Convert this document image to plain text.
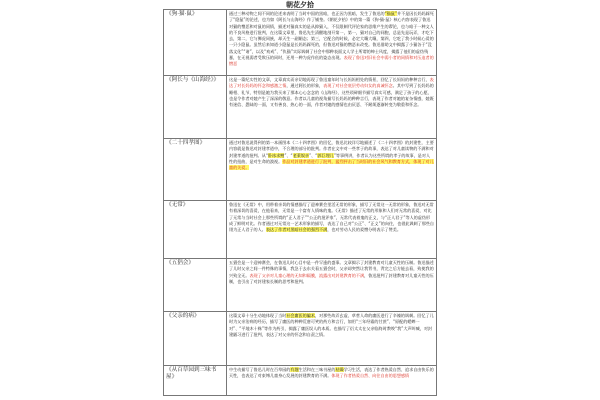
朝花夕拾
《狗·猫·鼠》	通过三种动物之间不同的论述来表明了当时中国的黑暗，也正因为黑暗，发生了鲁迅的“猫鼠”并不是因长妈妈踩死了“隐鼠”的论述，也为如《阿长与山海经》作了铺垫。《朝花夕拾》中的第一篇《狗·猫·鼠》核心内容表现了鲁迅对猫的憎恶和对鼠的同情，描述对猫真实的是从抑猫入，不仅限制代评论家的思维产生的谬论，也与暗于一种文人的不良风格进行批判，在这篇文章里，鲁迅先生清醒地剖开第一，第一，猫对自己的同胞，总是先是玩弄，才吃下去，第二，它与狮虎同族，却天生一副媚态；第三，它配合的时候，必定大嚷大嚷，第四，它吃了我小时候心爱的一只小隐鼠。虽然后来知道小隐鼠是长妈妈踩死的，但鲁迅对猫的憎恶未改变。鲁迅借助文中揭露了小猫各于“没落文化”“诸”，以及“劝戒”、“仇猫”实际讽刺了社会中那种表面文人学士所谓的绅士风度，揭露了他们的虚伪残暴，在无视弱者受欺压的同时，还用一种为虎作伥的姿态出现。表现了鲁迅对旧社会中弱小者的同情和对压迫者的憎恶
《阿长与《山海经》》	这是一篇纪实性的文章，文章真实而亲切地再现了鲁迅童年时与长妈妈相处的情景，回忆了长妈妈的种种言行，表达了对长妈妈的怀念和感激之情，通过阿长的形象，表现了对社会底层劳动妇女的真诚怀念。其中写到了长妈妈的睡相、礼节，特别是她为我买来了那本心心念念的《山海经》，这些琐碎细节描写真实可感，满足了孩子的心愿，也是令作者对她产生了深深的敬意。作者以儿童的视角描写长妈妈的种种言行，表现了作者对她的复杂情感，她既有迷信、愚昧的一面，又有善良、热心的一面，作者对她的感情也由厌恶、不耐烦逐渐转变为敬重和怀念。
《二十四孝图》	通过对鲁迅说得到的第一本画图本《二十四孝图》的回忆，鲁迅比较详尽地描述了《二十四孝图》的封建性，主要内容就是鲁迅对封建孝道中，不合理的部分的批判。作者在文中对一些孝子的故事，表达了对儿童读物的不满和对封建孝道的批判。从“卧冰求鲤”、“老莱娱亲”、“郭巨埋儿”等事例讲，作者认为这些所谓的孝子的故事，是对人性的扭曲，是对生命的漠视。作品对封建孝道进行了批判，猛烈抨击了当时旧的社会风气和教育方式，体现了对儿童的关爱。
《无常》	鲁迅在《无常》中，用带着亲切的情感描写了迎神赛会里活无常的形象，描写了无常这一无常的形象，鲁迅对无常有着深切的喜爱，在他看来，无常是一个富有人情味的鬼。《无常》描述了无常的形象和人们对无常的喜爱，对比了无常与当时社会上那些所谓的“正人君子”“公正的批评家”，无常代表着鬼的正义，与“正人君子”等人的虚伪形成了鲜明对比。作者通过对无常这一艺术形象的描写，表达了自己对“公正”、“正义”的向往，也借此讽刺了那些自诩为正人君子的人。表达了作者对黑暗社会的强烈不满，也对劳动人民的爱憎分明表示了赞美。
《五猖会》	五猖会是一个迎神赛会，在鲁迅儿时心目中是一件罕逢的盛事。文章揭示了封建教育对儿童天性的压制。鲁迅描述了儿时父亲之间一件特殊的事情，我急于去东关看五猖会时，父亲却突然让我背书，背完之后方能去看，致使我的兴致全无。表现了父亲对儿童心理的无知和隔膜，流露出对封建教育的不满，鲁迅批判了封建教育对儿童天性的压制，也引出了对封建家长制的思考和批判。
《父亲的病》	这篇文章十分生动地体现了当时社会庸医的骗术，对那些故弄玄虚、草菅人命的庸医进行了辛辣的讽刺。回忆了儿时为父亲治病的经历，描写了庸医的种种荒唐可笑的药方和言行，如用“三年经霜的甘蔗”、“原配的蟋蟀一对”、“平地木十株”等作为药引，揭露了庸医误人的本质。也描写了衍太太在父亲临终时教唆“我”大声叫喊，对封建陋习进行了批判，表达了对父亲的怀念和自责之情。
《从百草园到三味书屋》	中生动描写了鲁迅儿时在百草园的有趣生活和在三味书屋的枯燥学习生活，表达了作者热爱自然、追求自由快乐的天性，也表达了对束缚儿童身心发展的封建教育的不满。体现了作者热爱自然、向往自由的思想感情
